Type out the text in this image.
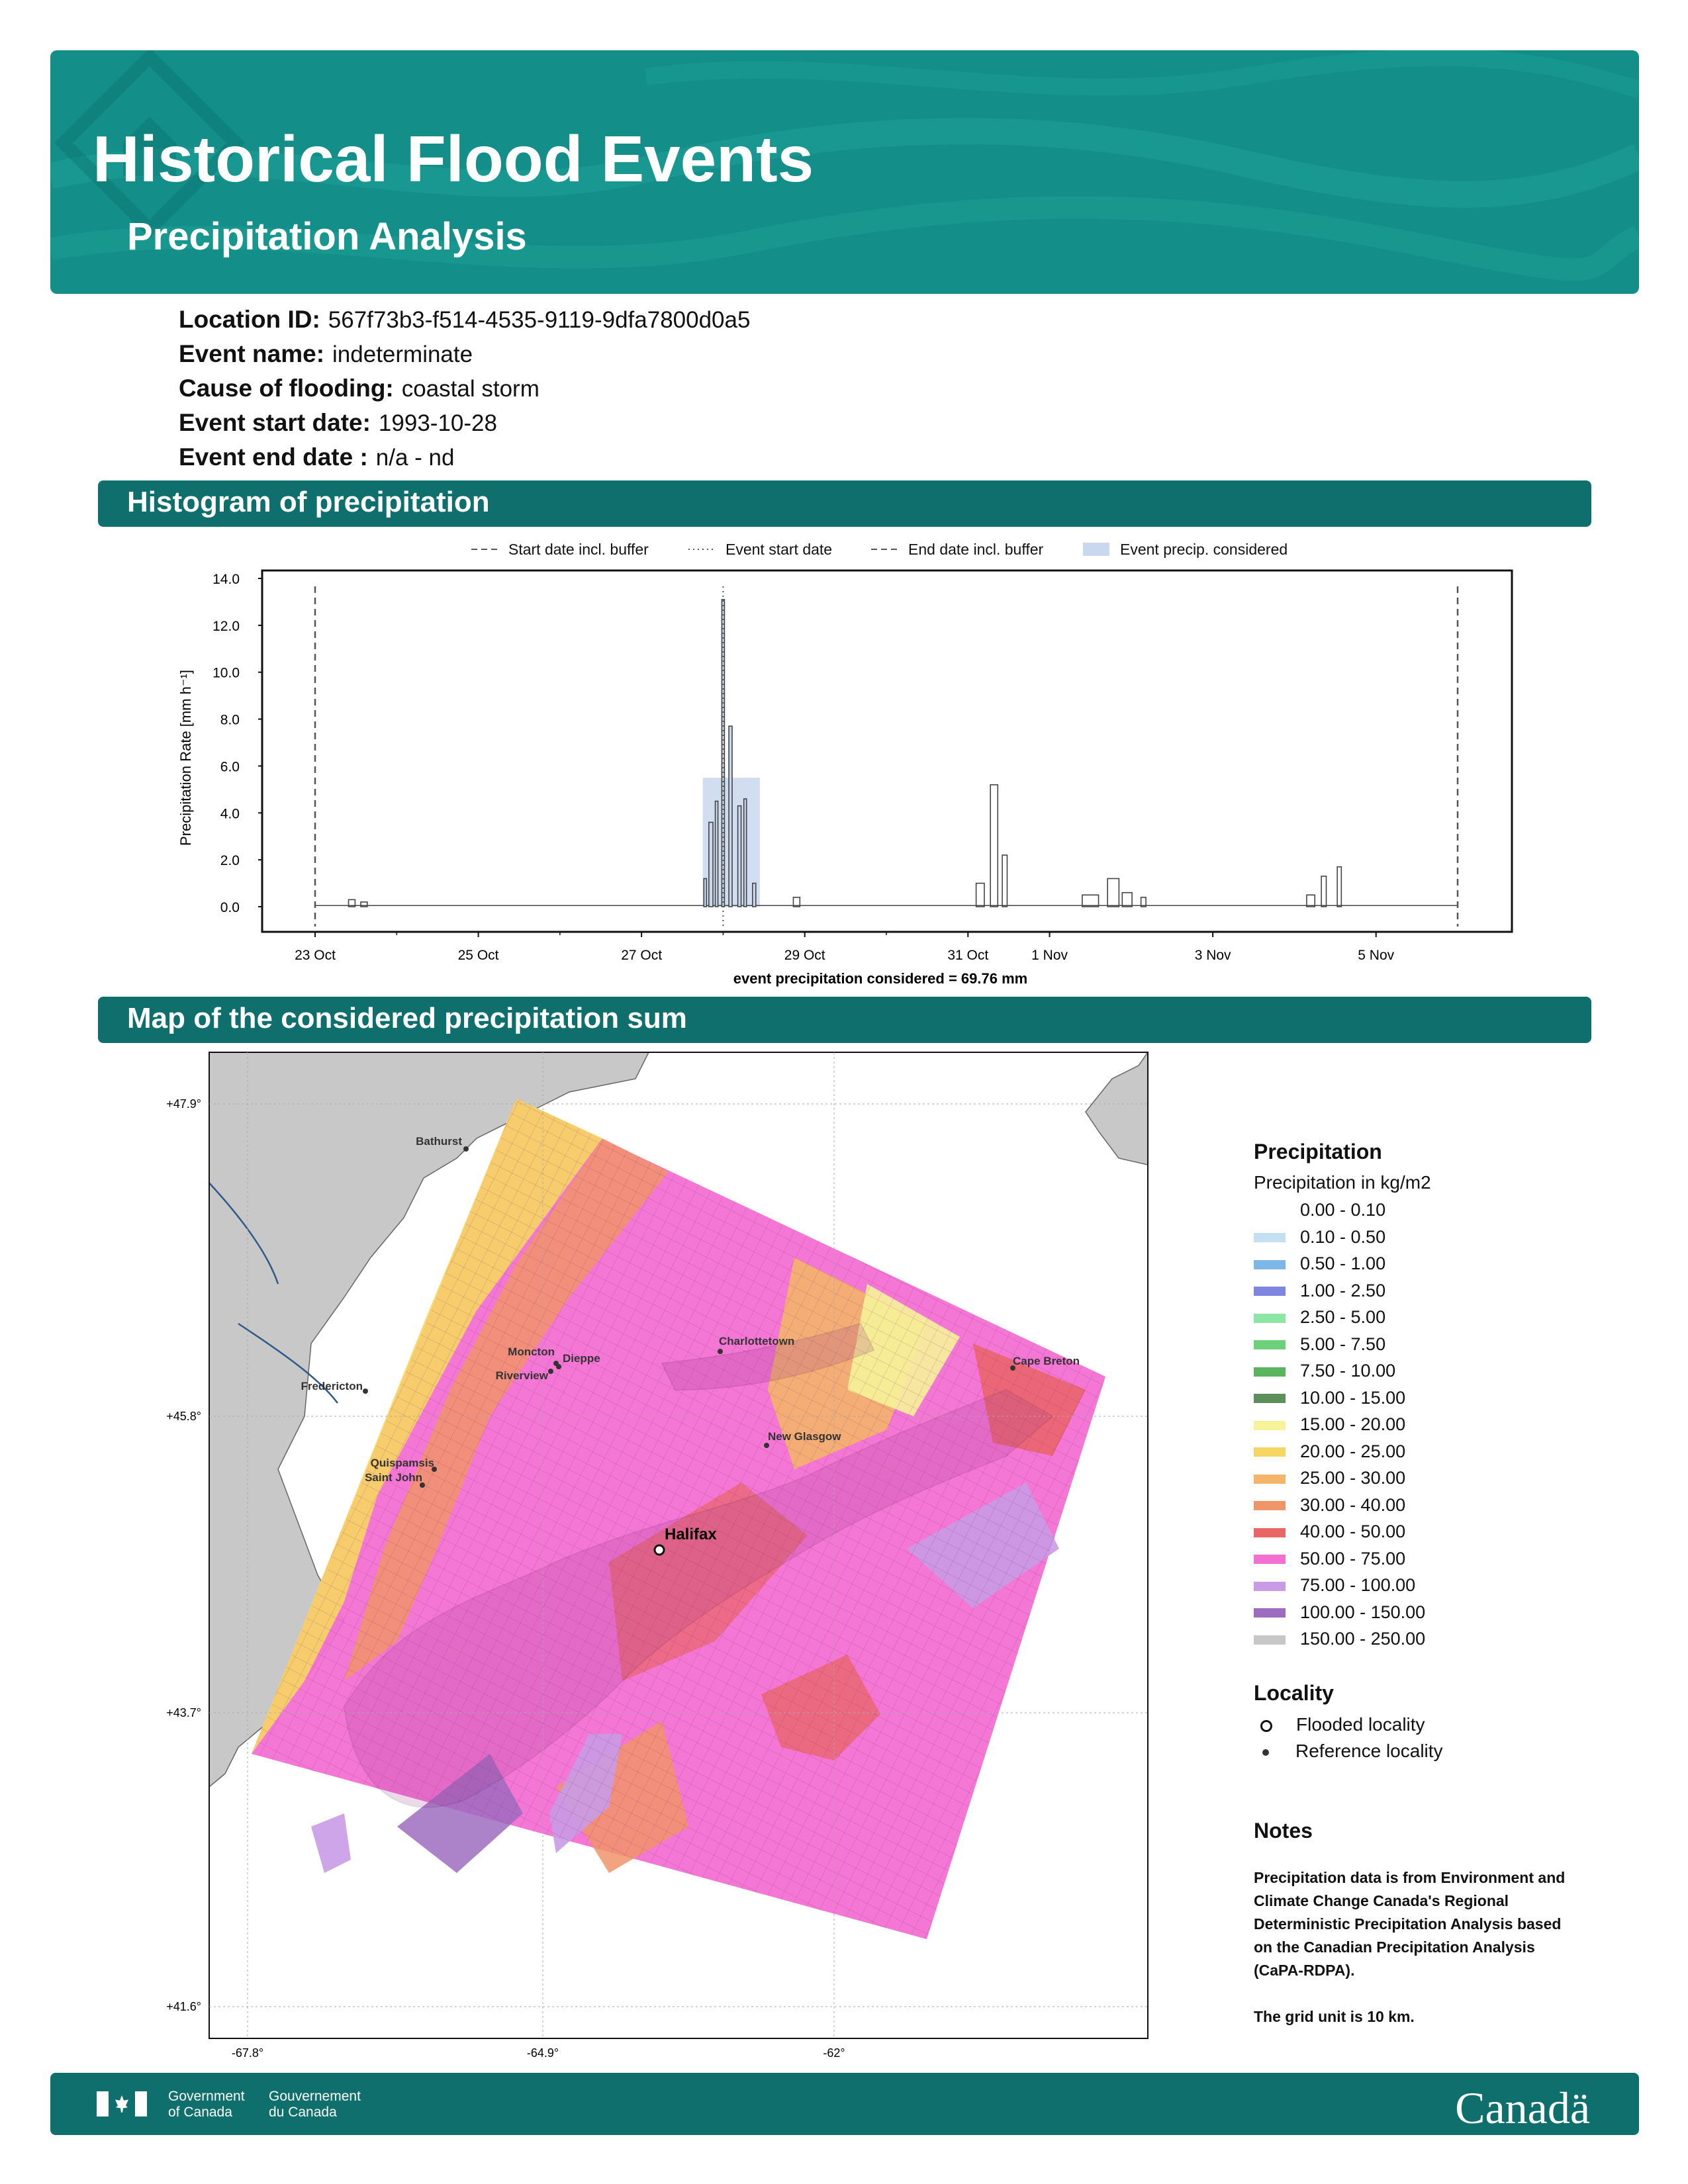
Historical Flood Events
Precipitation Analysis
Location ID: 567f73b3-f514-4535-9119-9dfa7800d0a5
Event name: indeterminate
Cause of flooding: coastal storm
Event start date: 1993-10-28
Event end date : n/a - nd
Histogram of precipitation
Start date incl. buffer	Event start date	End date incl. buffer	Event precip. considered
0.0
2.0
4.0
6.0
8.0
10.0
12.0
14.0
23 Oct	25 Oct	27 Oct	29 Oct	31 Oct	1 Nov	3 Nov	5 Nov
Precipitation Rate [mm h⁻¹]
event precipitation considered = 69.76 mm
Map of the considered precipitation sum
+47.9°
+45.8°
+43.7°
+41.6°
-67.8°	-64.9°	-62°
Bathurst
Moncton
Dieppe
Riverview
Charlottetown
Fredericton
Quispamsis
Saint John
New Glasgow
Cape Breton
Halifax
Precipitation
Precipitation in kg/m2
0.00 - 0.10
0.10 - 0.50
0.50 - 1.00
1.00 - 2.50
2.50 - 5.00
5.00 - 7.50
7.50 - 10.00
10.00 - 15.00
15.00 - 20.00
20.00 - 25.00
25.00 - 30.00
30.00 - 40.00
40.00 - 50.00
50.00 - 75.00
75.00 - 100.00
100.00 - 150.00
150.00 - 250.00
Locality
Flooded locality
Reference locality
Notes
Precipitation data is from Environment and
Climate Change Canada's Regional
Deterministic Precipitation Analysis based
on the Canadian Precipitation Analysis
(CaPA-RDPA).
The grid unit is 10 km.
Government
of Canada
Gouvernement
du Canada	Canadä
